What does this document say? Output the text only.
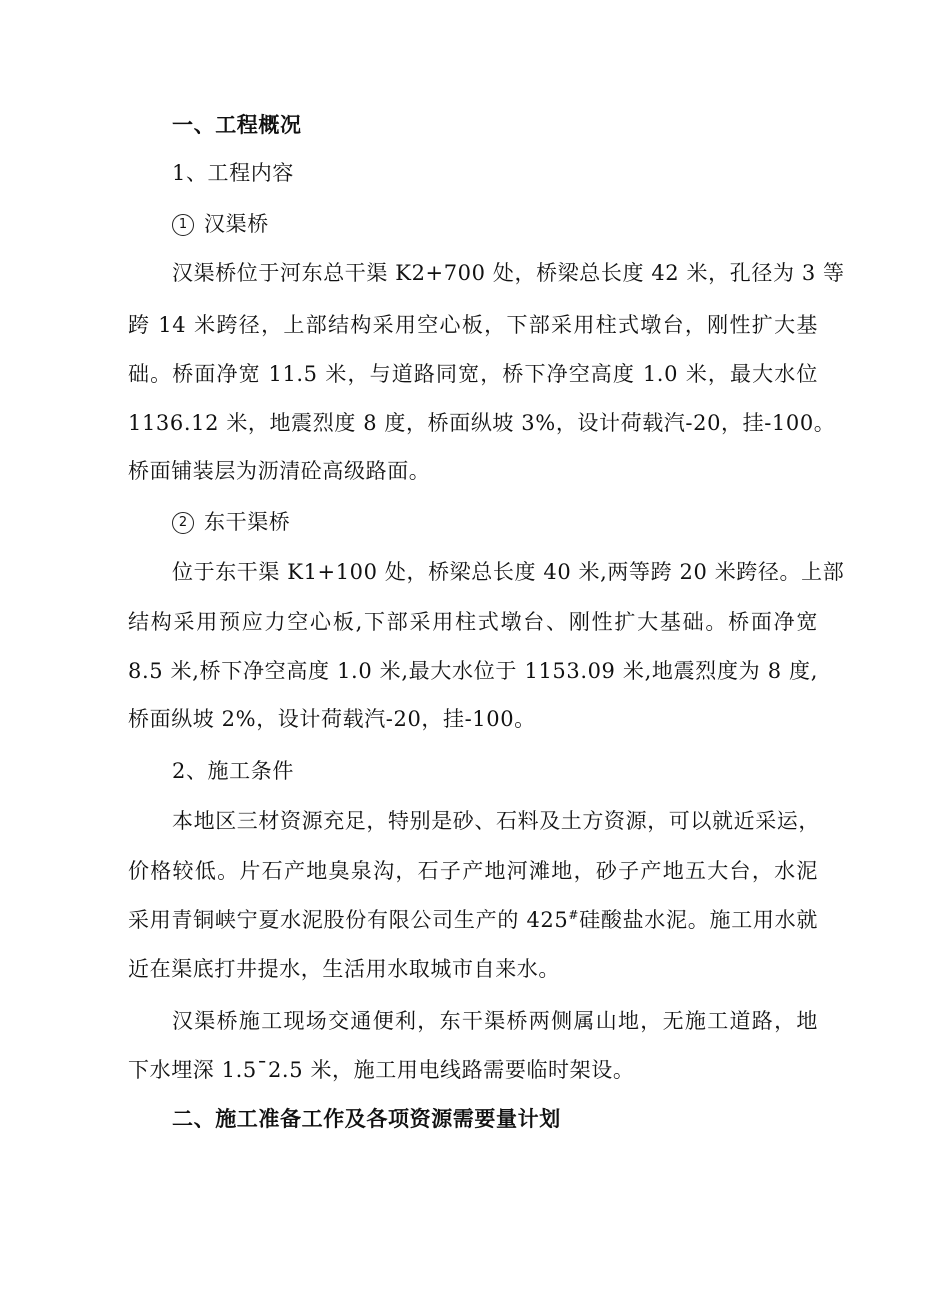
一、工程概况
1、工程内容
1 汉渠桥
汉渠桥位于河东总干渠 K2+700 处，桥梁总长度 42 米，孔径为 3 等
跨 14 米跨径，上部结构采用空心板，下部采用柱式墩台，刚性扩大基
础。桥面净宽 11.5 米，与道路同宽，桥下净空高度 1.0 米，最大水位
1136.12 米，地震烈度 8 度，桥面纵坡 3%，设计荷载汽-20，挂-100。
桥面铺装层为沥清砼高级路面。
2 东干渠桥
位于东干渠 K1+100 处，桥梁总长度 40 米,两等跨 20 米跨径。上部
结构采用预应力空心板,下部采用柱式墩台、刚性扩大基础。桥面净宽
8.5 米,桥下净空高度 1.0 米,最大水位于 1153.09 米,地震烈度为 8 度,
桥面纵坡 2%，设计荷载汽-20，挂-100。
2、施工条件
本地区三材资源充足，特别是砂、石料及土方资源，可以就近采运，
价格较低。片石产地臭泉沟，石子产地河滩地，砂子产地五大台，水泥
采用青铜峡宁夏水泥股份有限公司生产的 425#硅酸盐水泥。施工用水就
近在渠底打井提水，生活用水取城市自来水。
汉渠桥施工现场交通便利，东干渠桥两侧属山地，无施工道路，地
下水埋深 1.5¯2.5 米，施工用电线路需要临时架设。
二、施工准备工作及各项资源需要量计划
